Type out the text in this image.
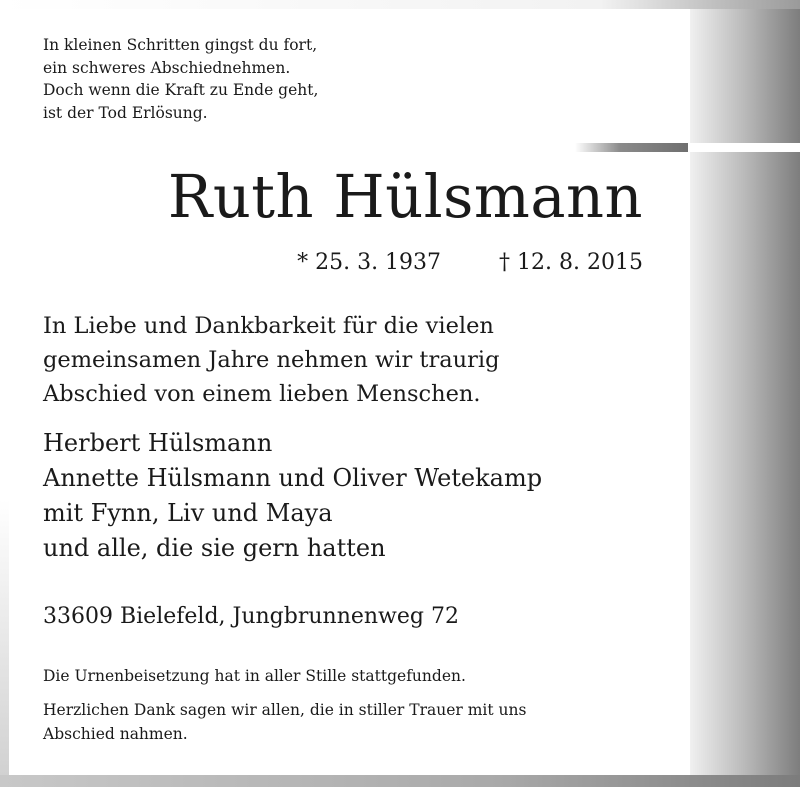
In kleinen Schritten gingst du fort,
ein schweres Abschiednehmen.
Doch wenn die Kraft zu Ende geht,
ist der Tod Erlösung.
Ruth Hülsmann
* 25. 3. 1937	† 12. 8. 2015
In Liebe und Dankbarkeit für die vielen
gemeinsamen Jahre nehmen wir traurig
Abschied von einem lieben Menschen.
Herbert Hülsmann
Annette Hülsmann und Oliver Wetekamp
mit Fynn, Liv und Maya
und alle, die sie gern hatten
33609 Bielefeld, Jungbrunnenweg 72
Die Urnenbeisetzung hat in aller Stille stattgefunden.
Herzlichen Dank sagen wir allen, die in stiller Trauer mit uns
Abschied nahmen.
